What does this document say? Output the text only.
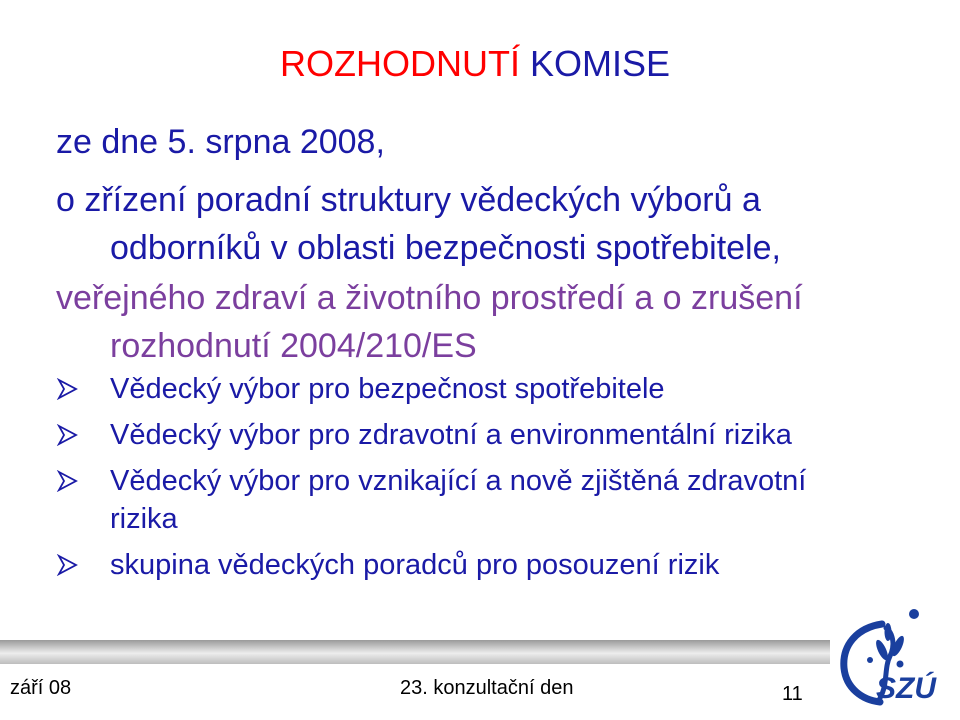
ROZHODNUTÍ KOMISE
ze dne 5. srpna 2008,
o zřízení poradní struktury vědeckých výborů a
odborníků v oblasti bezpečnosti spotřebitele,
veřejného zdraví a životního prostředí a o zrušení
rozhodnutí 2004/210/ES
Vědecký výbor pro bezpečnost spotřebitele
Vědecký výbor pro zdravotní a environmentální rizika
Vědecký výbor pro vznikající a nově zjištěná zdravotní
rizika
skupina vědeckých poradců pro posouzení rizik
září 08	23. konzultační den	11 SZÚ
